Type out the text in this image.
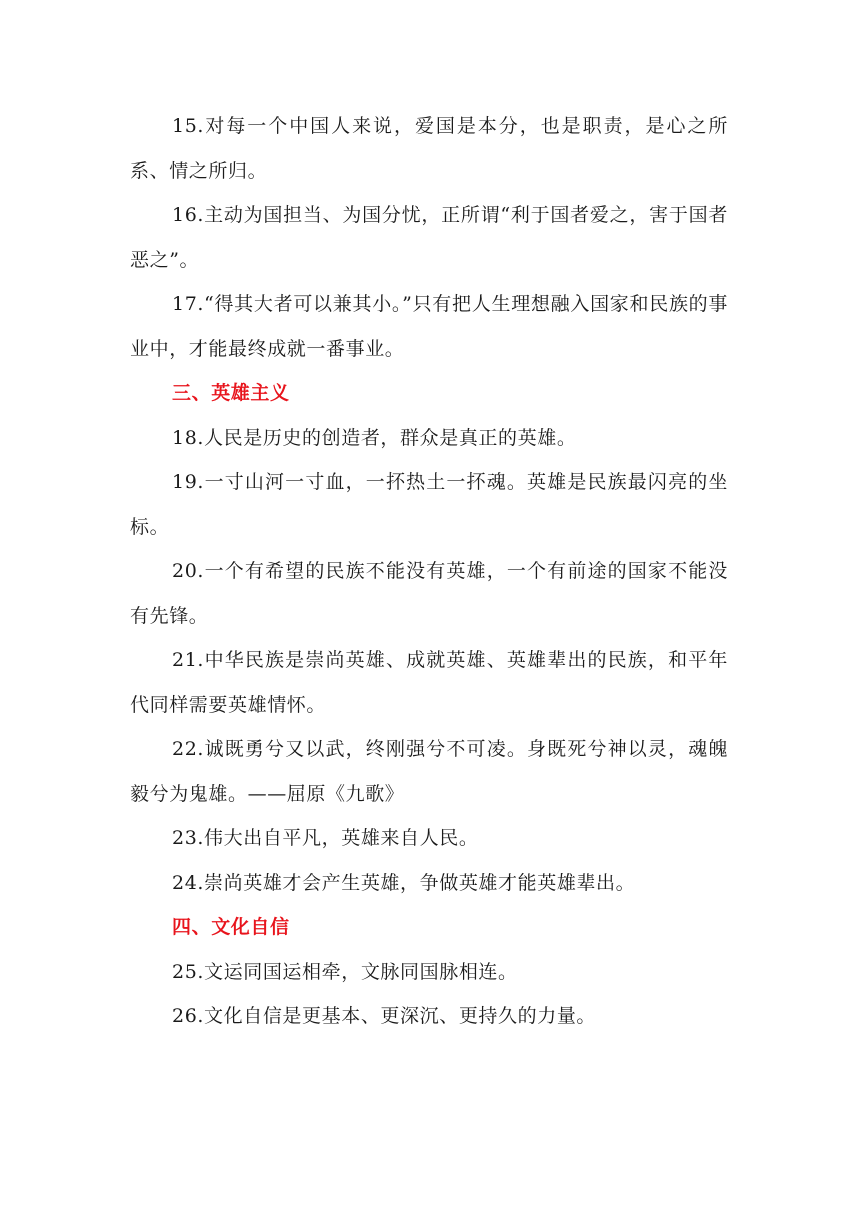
15.对每一个中国人来说，爱国是本分，也是职责，是心之所系、情之所归。

16.主动为国担当、为国分忧，正所谓“利于国者爱之，害于国者恶之”。

17.“得其大者可以兼其小。”只有把人生理想融入国家和民族的事业中，才能最终成就一番事业。

三、英雄主义

18.人民是历史的创造者，群众是真正的英雄。

19.一寸山河一寸血，一抔热土一抔魂。英雄是民族最闪亮的坐标。

20.一个有希望的民族不能没有英雄，一个有前途的国家不能没有先锋。

21.中华民族是崇尚英雄、成就英雄、英雄辈出的民族，和平年代同样需要英雄情怀。

22.诚既勇兮又以武，终刚强兮不可凌。身既死兮神以灵，魂魄毅兮为鬼雄。——屈原《九歌》

23.伟大出自平凡，英雄来自人民。

24.崇尚英雄才会产生英雄，争做英雄才能英雄辈出。

四、文化自信

25.文运同国运相牵，文脉同国脉相连。

26.文化自信是更基本、更深沉、更持久的力量。
